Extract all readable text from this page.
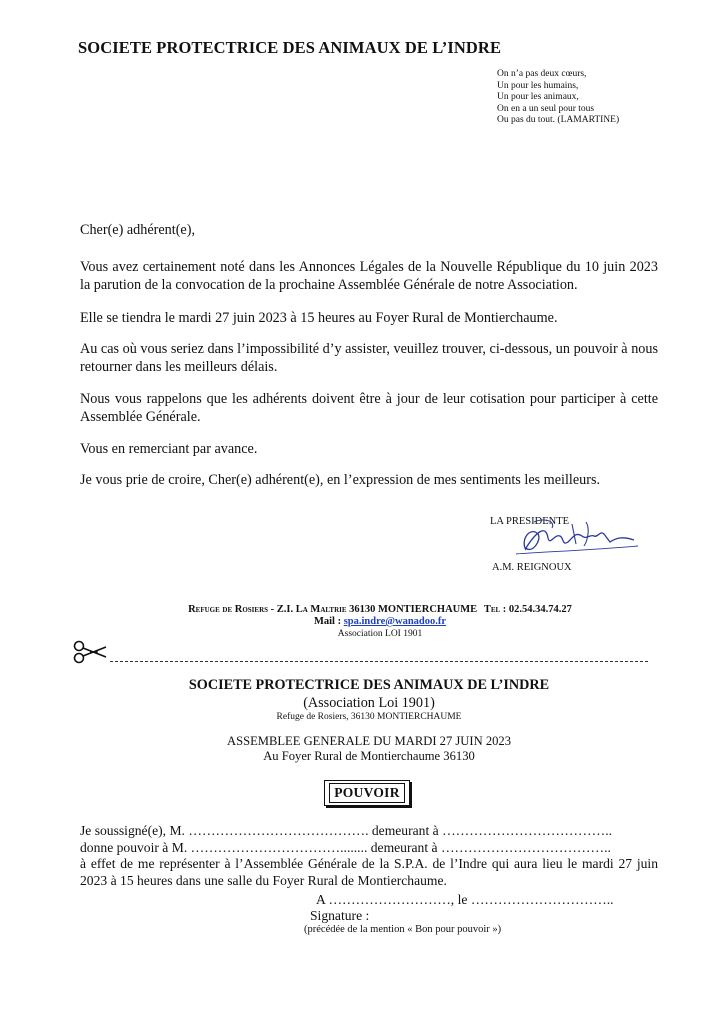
SOCIETE PROTECTRICE DES ANIMAUX DE L’INDRE
On n’a pas deux cœurs,
Un pour les humains,
Un pour les animaux,
On en a un seul pour tous
Ou pas du tout. (LAMARTINE)
Cher(e) adhérent(e),
Vous avez certainement noté dans les Annonces Légales de la Nouvelle République du 10 juin 2023 la parution de la convocation de la prochaine Assemblée Générale de notre Association.
Elle se tiendra le mardi 27 juin 2023 à 15 heures au Foyer Rural de Montierchaume.
Au cas où vous seriez dans l’impossibilité d’y assister, veuillez trouver, ci-dessous, un pouvoir à nous retourner dans les meilleurs délais.
Nous vous rappelons que les adhérents doivent être à jour de leur cotisation pour participer à cette Assemblée Générale.
Vous en remerciant par avance.
Je vous prie de croire, Cher(e) adhérent(e), en l’expression de mes sentiments les meilleurs.
LA PRESIDENTE
A.M. REIGNOUX
Refuge de Rosiers - Z.I. La Maltrie 36130 MONTIERCHAUME Tel : 02.54.34.74.27
Mail : spa.indre@wanadoo.fr
Association LOI 1901
SOCIETE PROTECTRICE DES ANIMAUX DE L’INDRE
(Association Loi 1901)
Refuge de Rosiers, 36130 MONTIERCHAUME
ASSEMBLEE GENERALE DU MARDI 27 JUIN 2023
Au Foyer Rural de Montierchaume 36130
POUVOIR
Je soussigné(e), M. …………………………………. demeurant à ………………………………..
donne pouvoir à M. ……………………………........ demeurant à ………………………………..
à effet de me représenter à l’Assemblée Générale de la S.P.A. de l’Indre qui aura lieu le mardi 27 juin 2023 à 15 heures dans une salle du Foyer Rural de Montierchaume.
A ………………………, le …………………………..
Signature :
(précédée de la mention « Bon pour pouvoir »)
